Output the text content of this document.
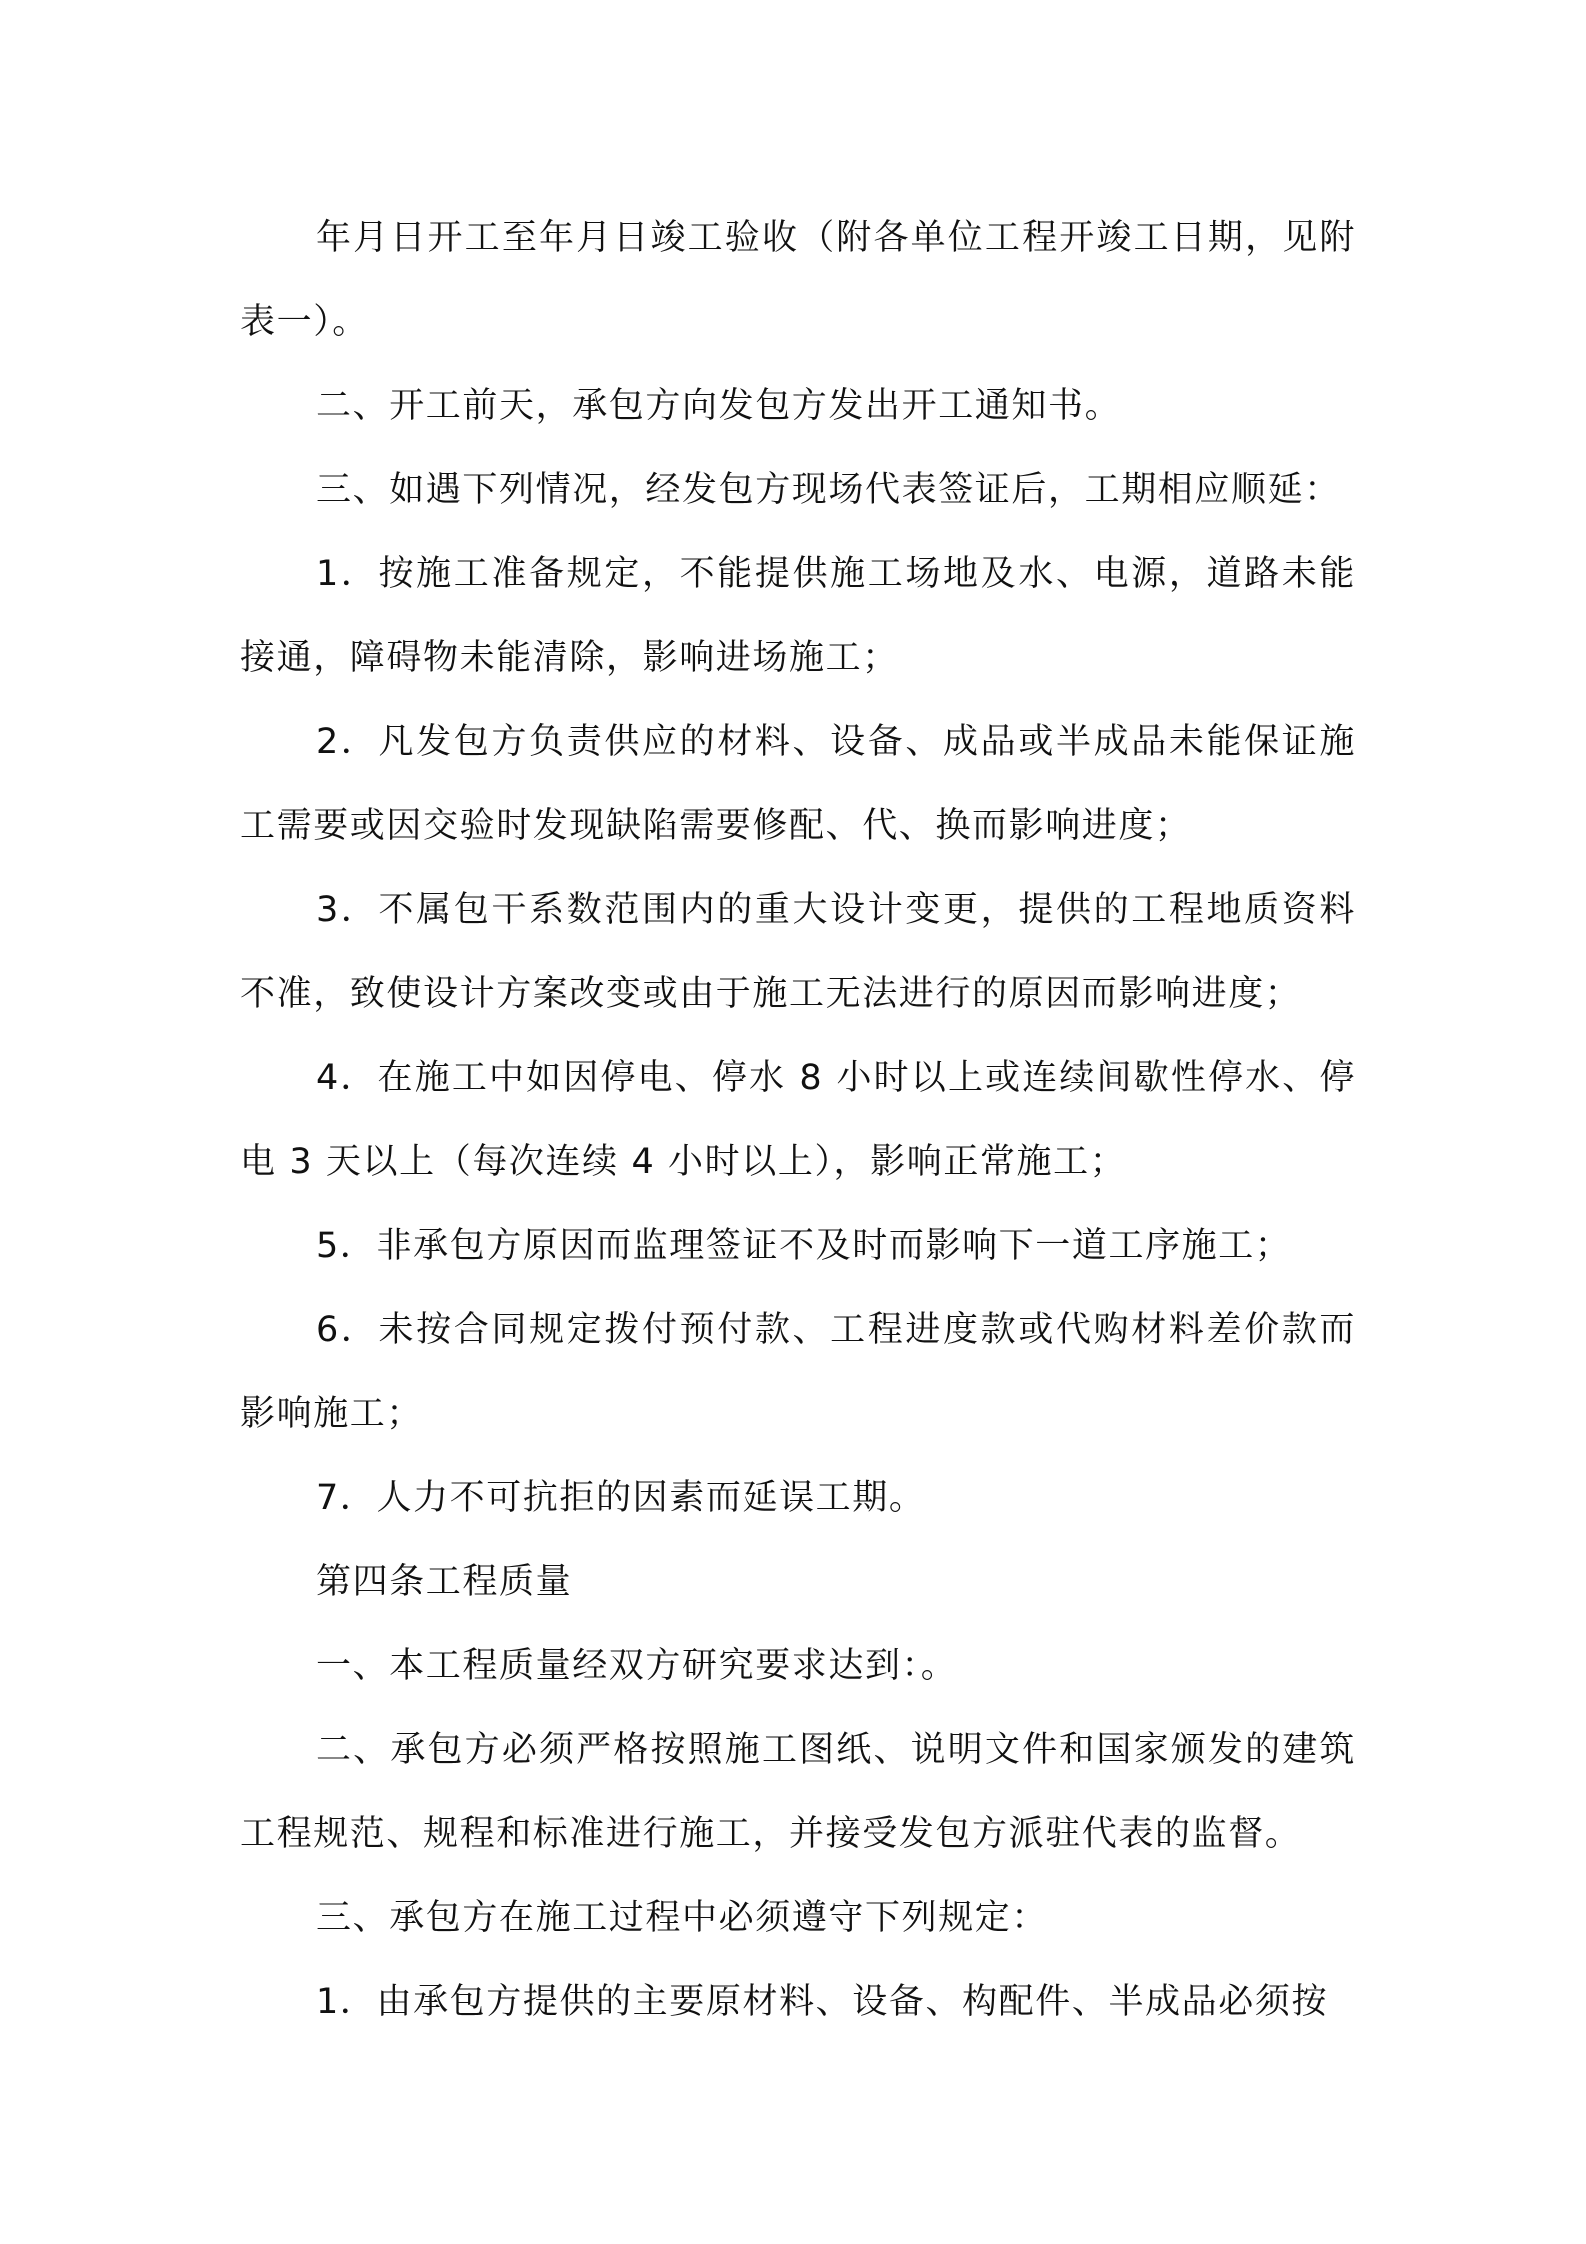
年月日开工至年月日竣工验收（附各单位工程开竣工日期，见附表一）。

二、开工前天，承包方向发包方发出开工通知书。

三、如遇下列情况，经发包方现场代表签证后，工期相应顺延：

1．按施工准备规定，不能提供施工场地及水、电源，道路未能接通，障碍物未能清除，影响进场施工；

2．凡发包方负责供应的材料、设备、成品或半成品未能保证施工需要或因交验时发现缺陷需要修配、代、换而影响进度；

3．不属包干系数范围内的重大设计变更，提供的工程地质资料不准，致使设计方案改变或由于施工无法进行的原因而影响进度；

4．在施工中如因停电、停水 8 小时以上或连续间歇性停水、停电 3 天以上（每次连续 4 小时以上），影响正常施工；

5．非承包方原因而监理签证不及时而影响下一道工序施工；

6．未按合同规定拨付预付款、工程进度款或代购材料差价款而影响施工；

7．人力不可抗拒的因素而延误工期。

第四条工程质量

一、本工程质量经双方研究要求达到：。

二、承包方必须严格按照施工图纸、说明文件和国家颁发的建筑工程规范、规程和标准进行施工，并接受发包方派驻代表的监督。

三、承包方在施工过程中必须遵守下列规定：

1．由承包方提供的主要原材料、设备、构配件、半成品必须按
